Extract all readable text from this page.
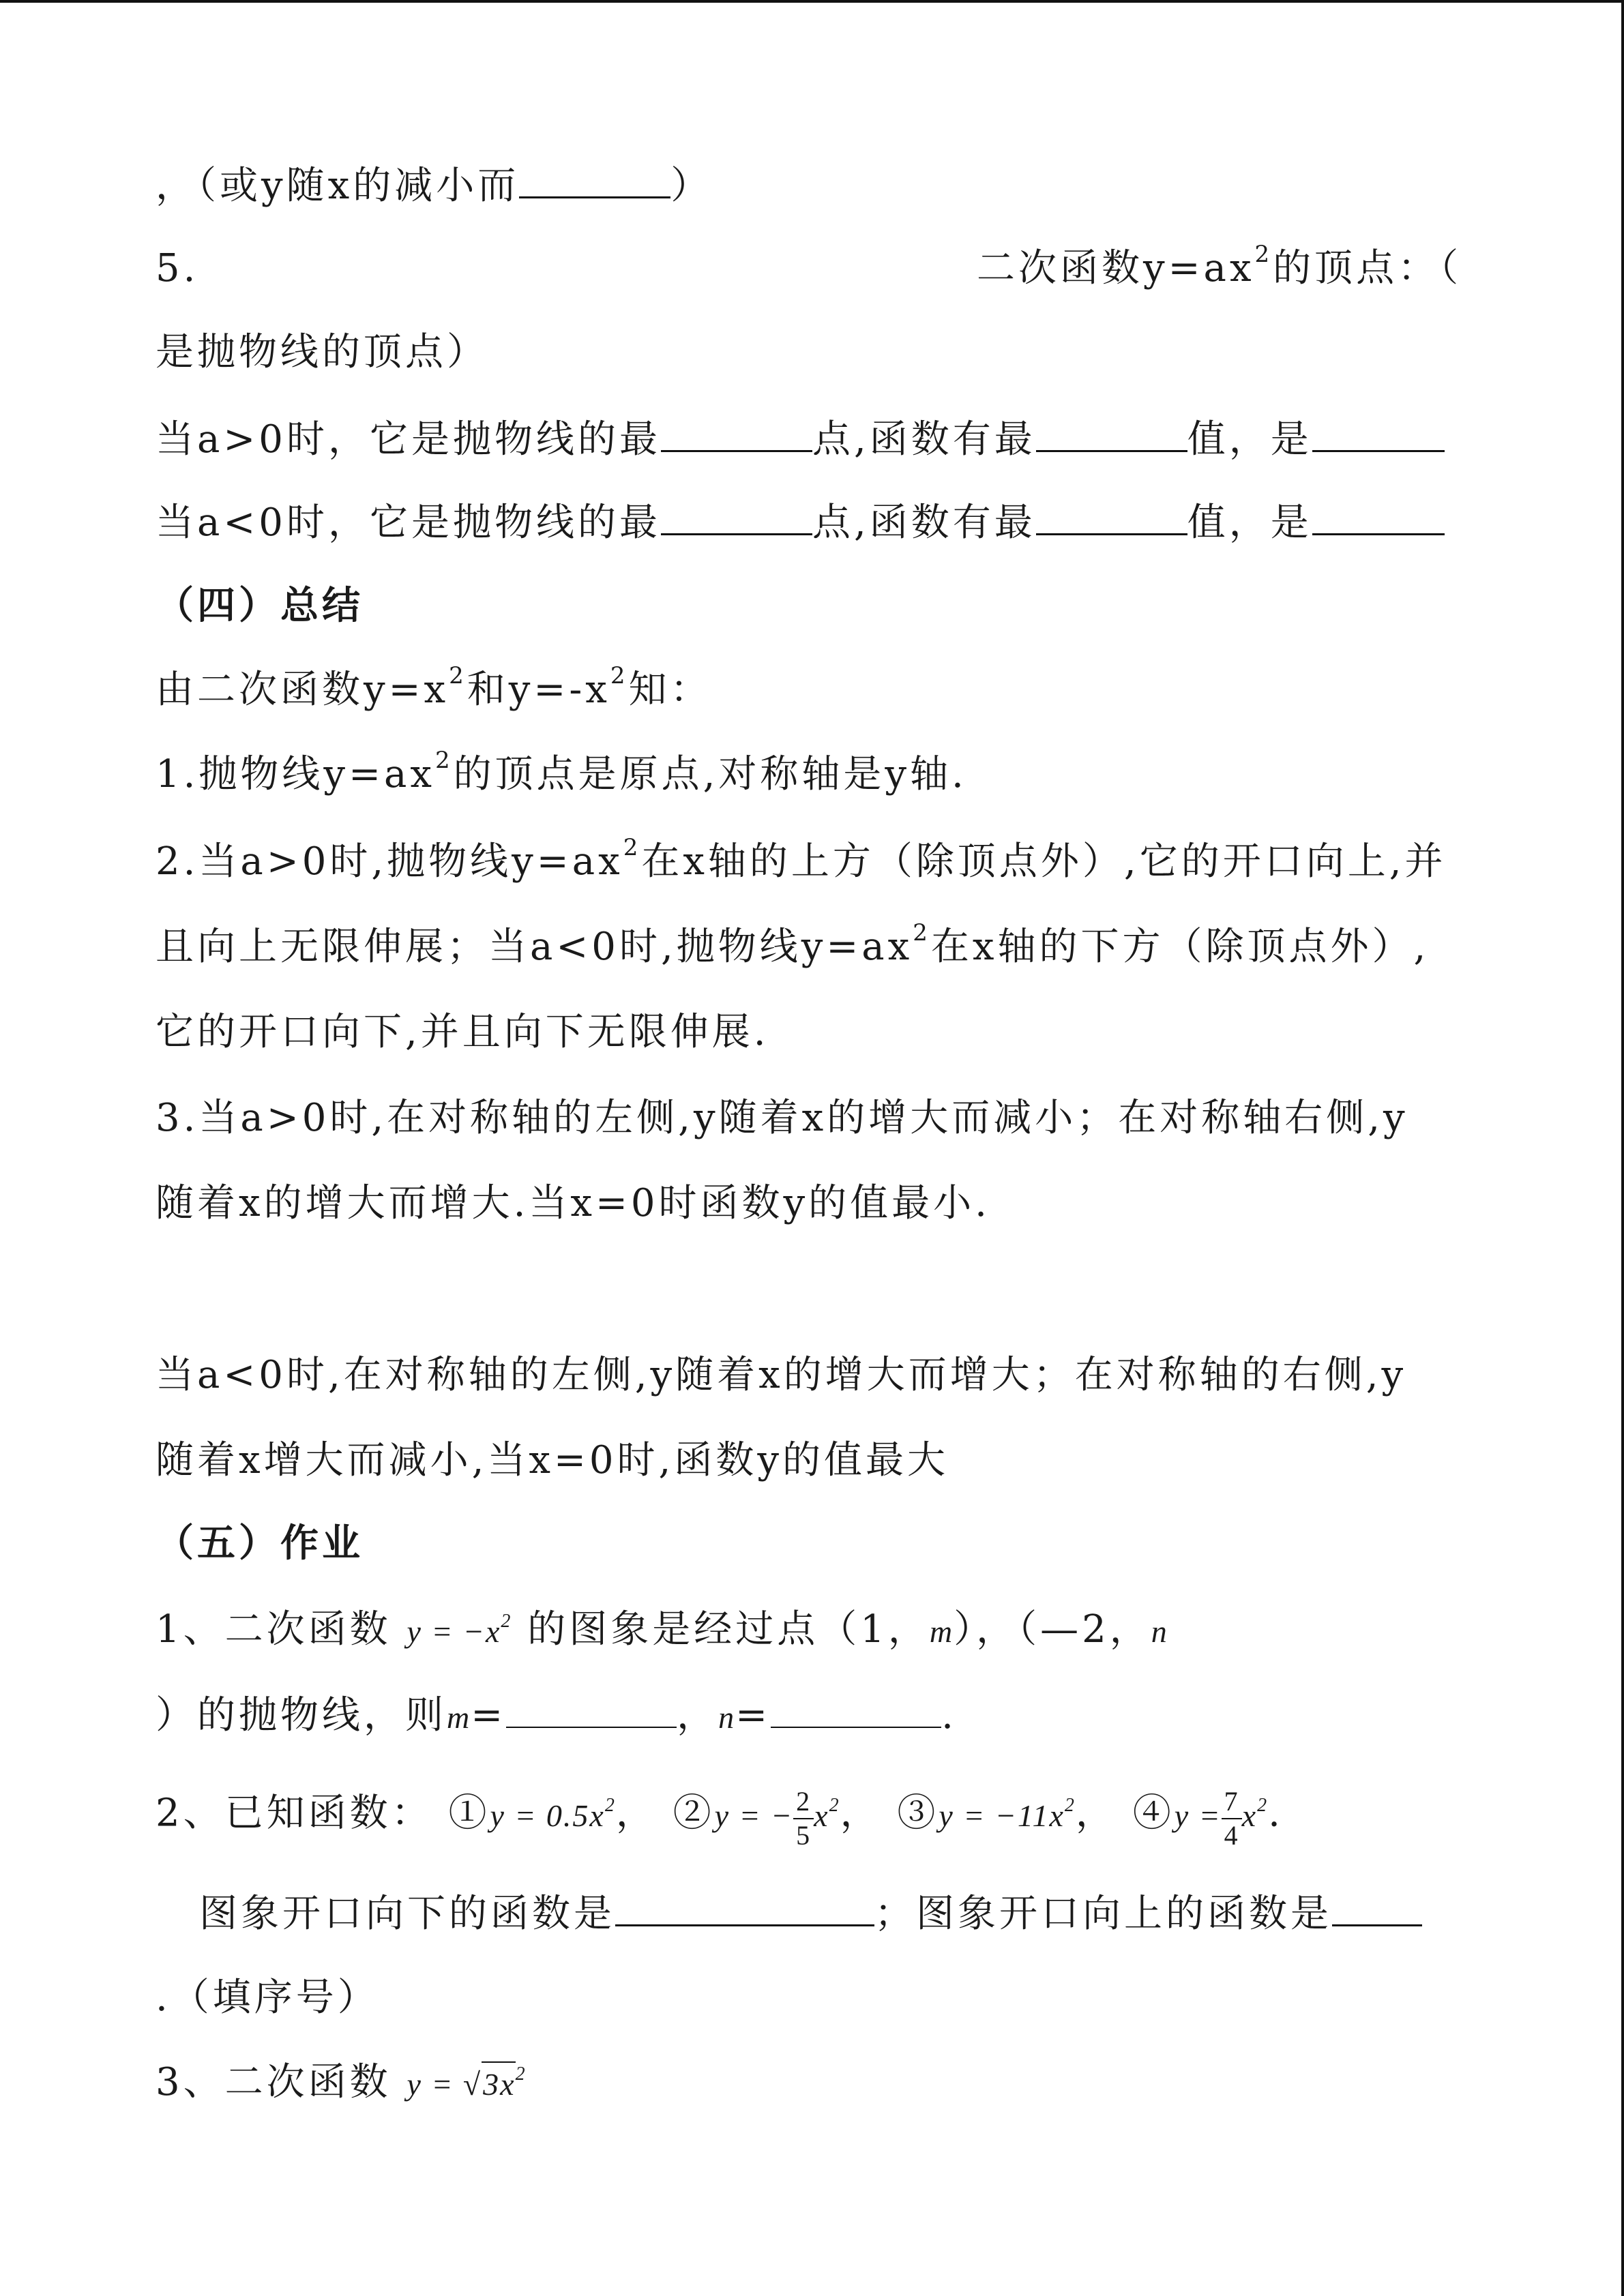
，（或y随x的减小而	）
5.	二次函数$y=ax^2$的顶点：（
是抛物线的顶点）
当a>0时，它是抛物线的最	点,函数有最	值，是
当a<0时，它是抛物线的最	点,函数有最	值，是
（四）总结
由二次函数$y=x^2$和$y=-x^2$知：
1.抛物线$y=ax^2$的顶点是原点,对称轴是y轴.
2.当a>0时,抛物线$y=ax^2$在x轴的上方（除顶点外）,它的开口向上,并
且向上无限伸展；当a<0时,抛物线$y=ax^2$在x轴的下方（除顶点外）,
它的开口向下,并且向下无限伸展.
3.当a>0时,在对称轴的左侧,y随着x的增大而减小；在对称轴右侧,y
随着x的增大而增大.当x=0时函数y的值最小.
当a<0时,在对称轴的左侧,y随着x的增大而增大；在对称轴的右侧,y
随着x增大而减小,当x=0时,函数y的值最大
（五）作业
1、二次函数 $y = -x^2$ 的图象是经过点（1，m），（—2，n
）的抛物线，则m=	，n=	.
2、已知函数： ①y = $0.5x^2$， ②y = − $\frac{2}{5} x^2$， ③y = $-11x^2$， ④y = $\frac{7}{4} x^2$.
图象开口向下的函数是	；图象开口向上的函数是
.（填序号）
3、二次函数 $y = √3x^2$
